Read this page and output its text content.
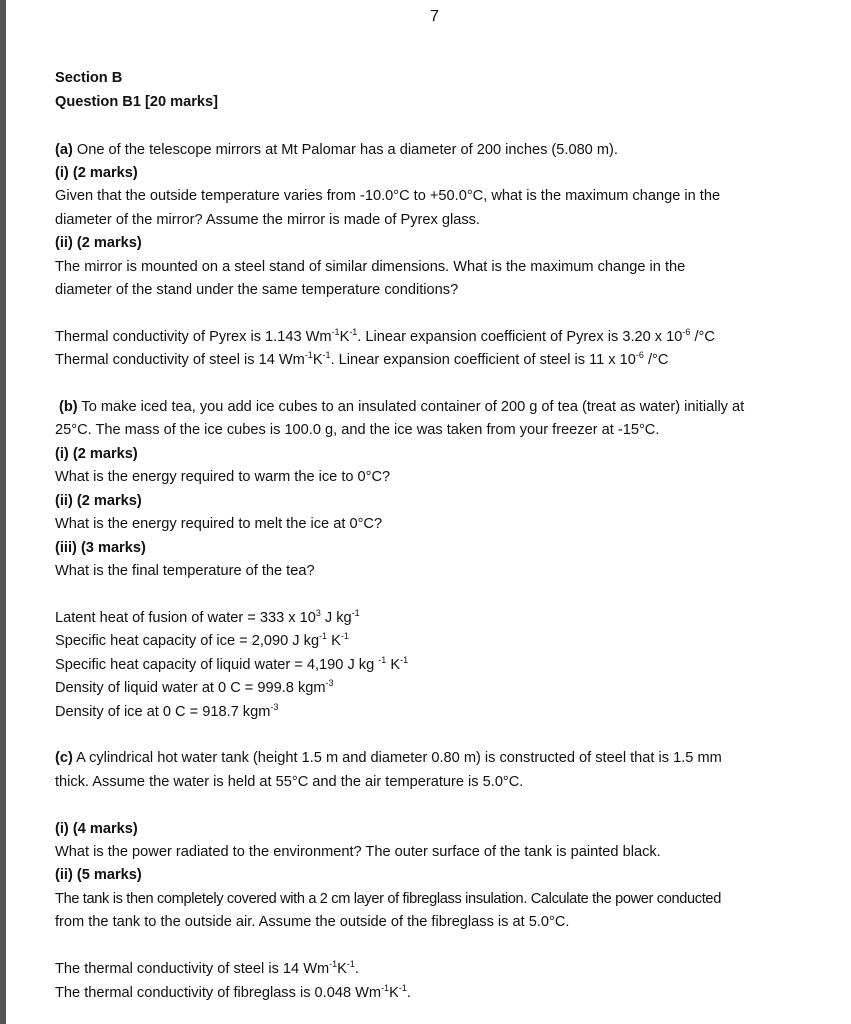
7
Section B
Question B1 [20 marks]
(a) One of the telescope mirrors at Mt Palomar has a diameter of 200 inches (5.080 m).
(i) (2 marks)
Given that the outside temperature varies from -10.0°C to +50.0°C, what is the maximum change in the
diameter of the mirror? Assume the mirror is made of Pyrex glass.
(ii) (2 marks)
The mirror is mounted on a steel stand of similar dimensions. What is the maximum change in the
diameter of the stand under the same temperature conditions?
Thermal conductivity of Pyrex is 1.143 $Wm^{-1}K^{-1}$. Linear expansion coefficient of Pyrex is 3.20 x $10^{-6}$ /°C
Thermal conductivity of steel is 14 $Wm^{-1}K^{-1}$. Linear expansion coefficient of steel is 11 x $10^{-6}$ /°C
(b) To make iced tea, you add ice cubes to an insulated container of 200 g of tea (treat as water) initially at
25°C. The mass of the ice cubes is 100.0 g, and the ice was taken from your freezer at -15°C.
(i) (2 marks)
What is the energy required to warm the ice to 0°C?
(ii) (2 marks)
What is the energy required to melt the ice at 0°C?
(iii) (3 marks)
What is the final temperature of the tea?
Latent heat of fusion of water = 333 x $10^3$ J $kg^{-1}$
Specific heat capacity of ice = 2,090 J $kg^{-1}$ $K^{-1}$
Specific heat capacity of liquid water = 4,190 J kg $^{-1}$ $K^{-1}$
Density of liquid water at 0 C = 999.8 kgm$^{-3}$
Density of ice at 0 C = 918.7 kgm$^{-3}$
(c) A cylindrical hot water tank (height 1.5 m and diameter 0.80 m) is constructed of steel that is 1.5 mm
thick. Assume the water is held at 55°C and the air temperature is 5.0°C.
(i) (4 marks)
What is the power radiated to the environment? The outer surface of the tank is painted black.
(ii) (5 marks)
The tank is then completely covered with a 2 cm layer of fibreglass insulation. Calculate the power conducted
from the tank to the outside air. Assume the outside of the fibreglass is at 5.0°C.
The thermal conductivity of steel is 14 $Wm^{-1}K^{-1}$.
The thermal conductivity of fibreglass is 0.048 $Wm^{-1}K^{-1}$.
